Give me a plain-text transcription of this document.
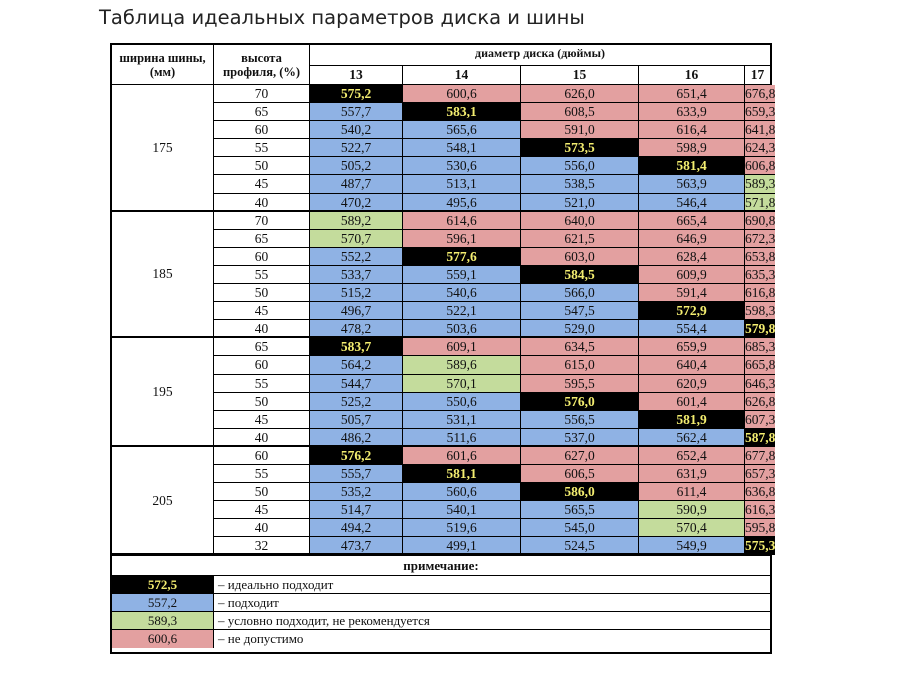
Таблица идеальных параметров диска и шины
ширина шины, (мм)
высота профиля, (%)
диаметр диска (дюймы)
13	14	15	16	17
175
70	575,2	600,6	626,0	651,4	676,8
65	557,7	583,1	608,5	633,9	659,3
60	540,2	565,6	591,0	616,4	641,8
55	522,7	548,1	573,5	598,9	624,3
50	505,2	530,6	556,0	581,4	606,8
45	487,7	513,1	538,5	563,9	589,3
40	470,2	495,6	521,0	546,4	571,8
185
70	589,2	614,6	640,0	665,4	690,8
65	570,7	596,1	621,5	646,9	672,3
60	552,2	577,6	603,0	628,4	653,8
55	533,7	559,1	584,5	609,9	635,3
50	515,2	540,6	566,0	591,4	616,8
45	496,7	522,1	547,5	572,9	598,3
40	478,2	503,6	529,0	554,4	579,8
195
65	583,7	609,1	634,5	659,9	685,3
60	564,2	589,6	615,0	640,4	665,8
55	544,7	570,1	595,5	620,9	646,3
50	525,2	550,6	576,0	601,4	626,8
45	505,7	531,1	556,5	581,9	607,3
40	486,2	511,6	537,0	562,4	587,8
205
60	576,2	601,6	627,0	652,4	677,8
55	555,7	581,1	606,5	631,9	657,3
50	535,2	560,6	586,0	611,4	636,8
45	514,7	540,1	565,5	590,9	616,3
40	494,2	519,6	545,0	570,4	595,8
32	473,7	499,1	524,5	549,9	575,3
примечание:
572,5	– идеально подходит
557,2	– подходит
589,3	– условно подходит, не рекомендуется
600,6	– не допустимо
